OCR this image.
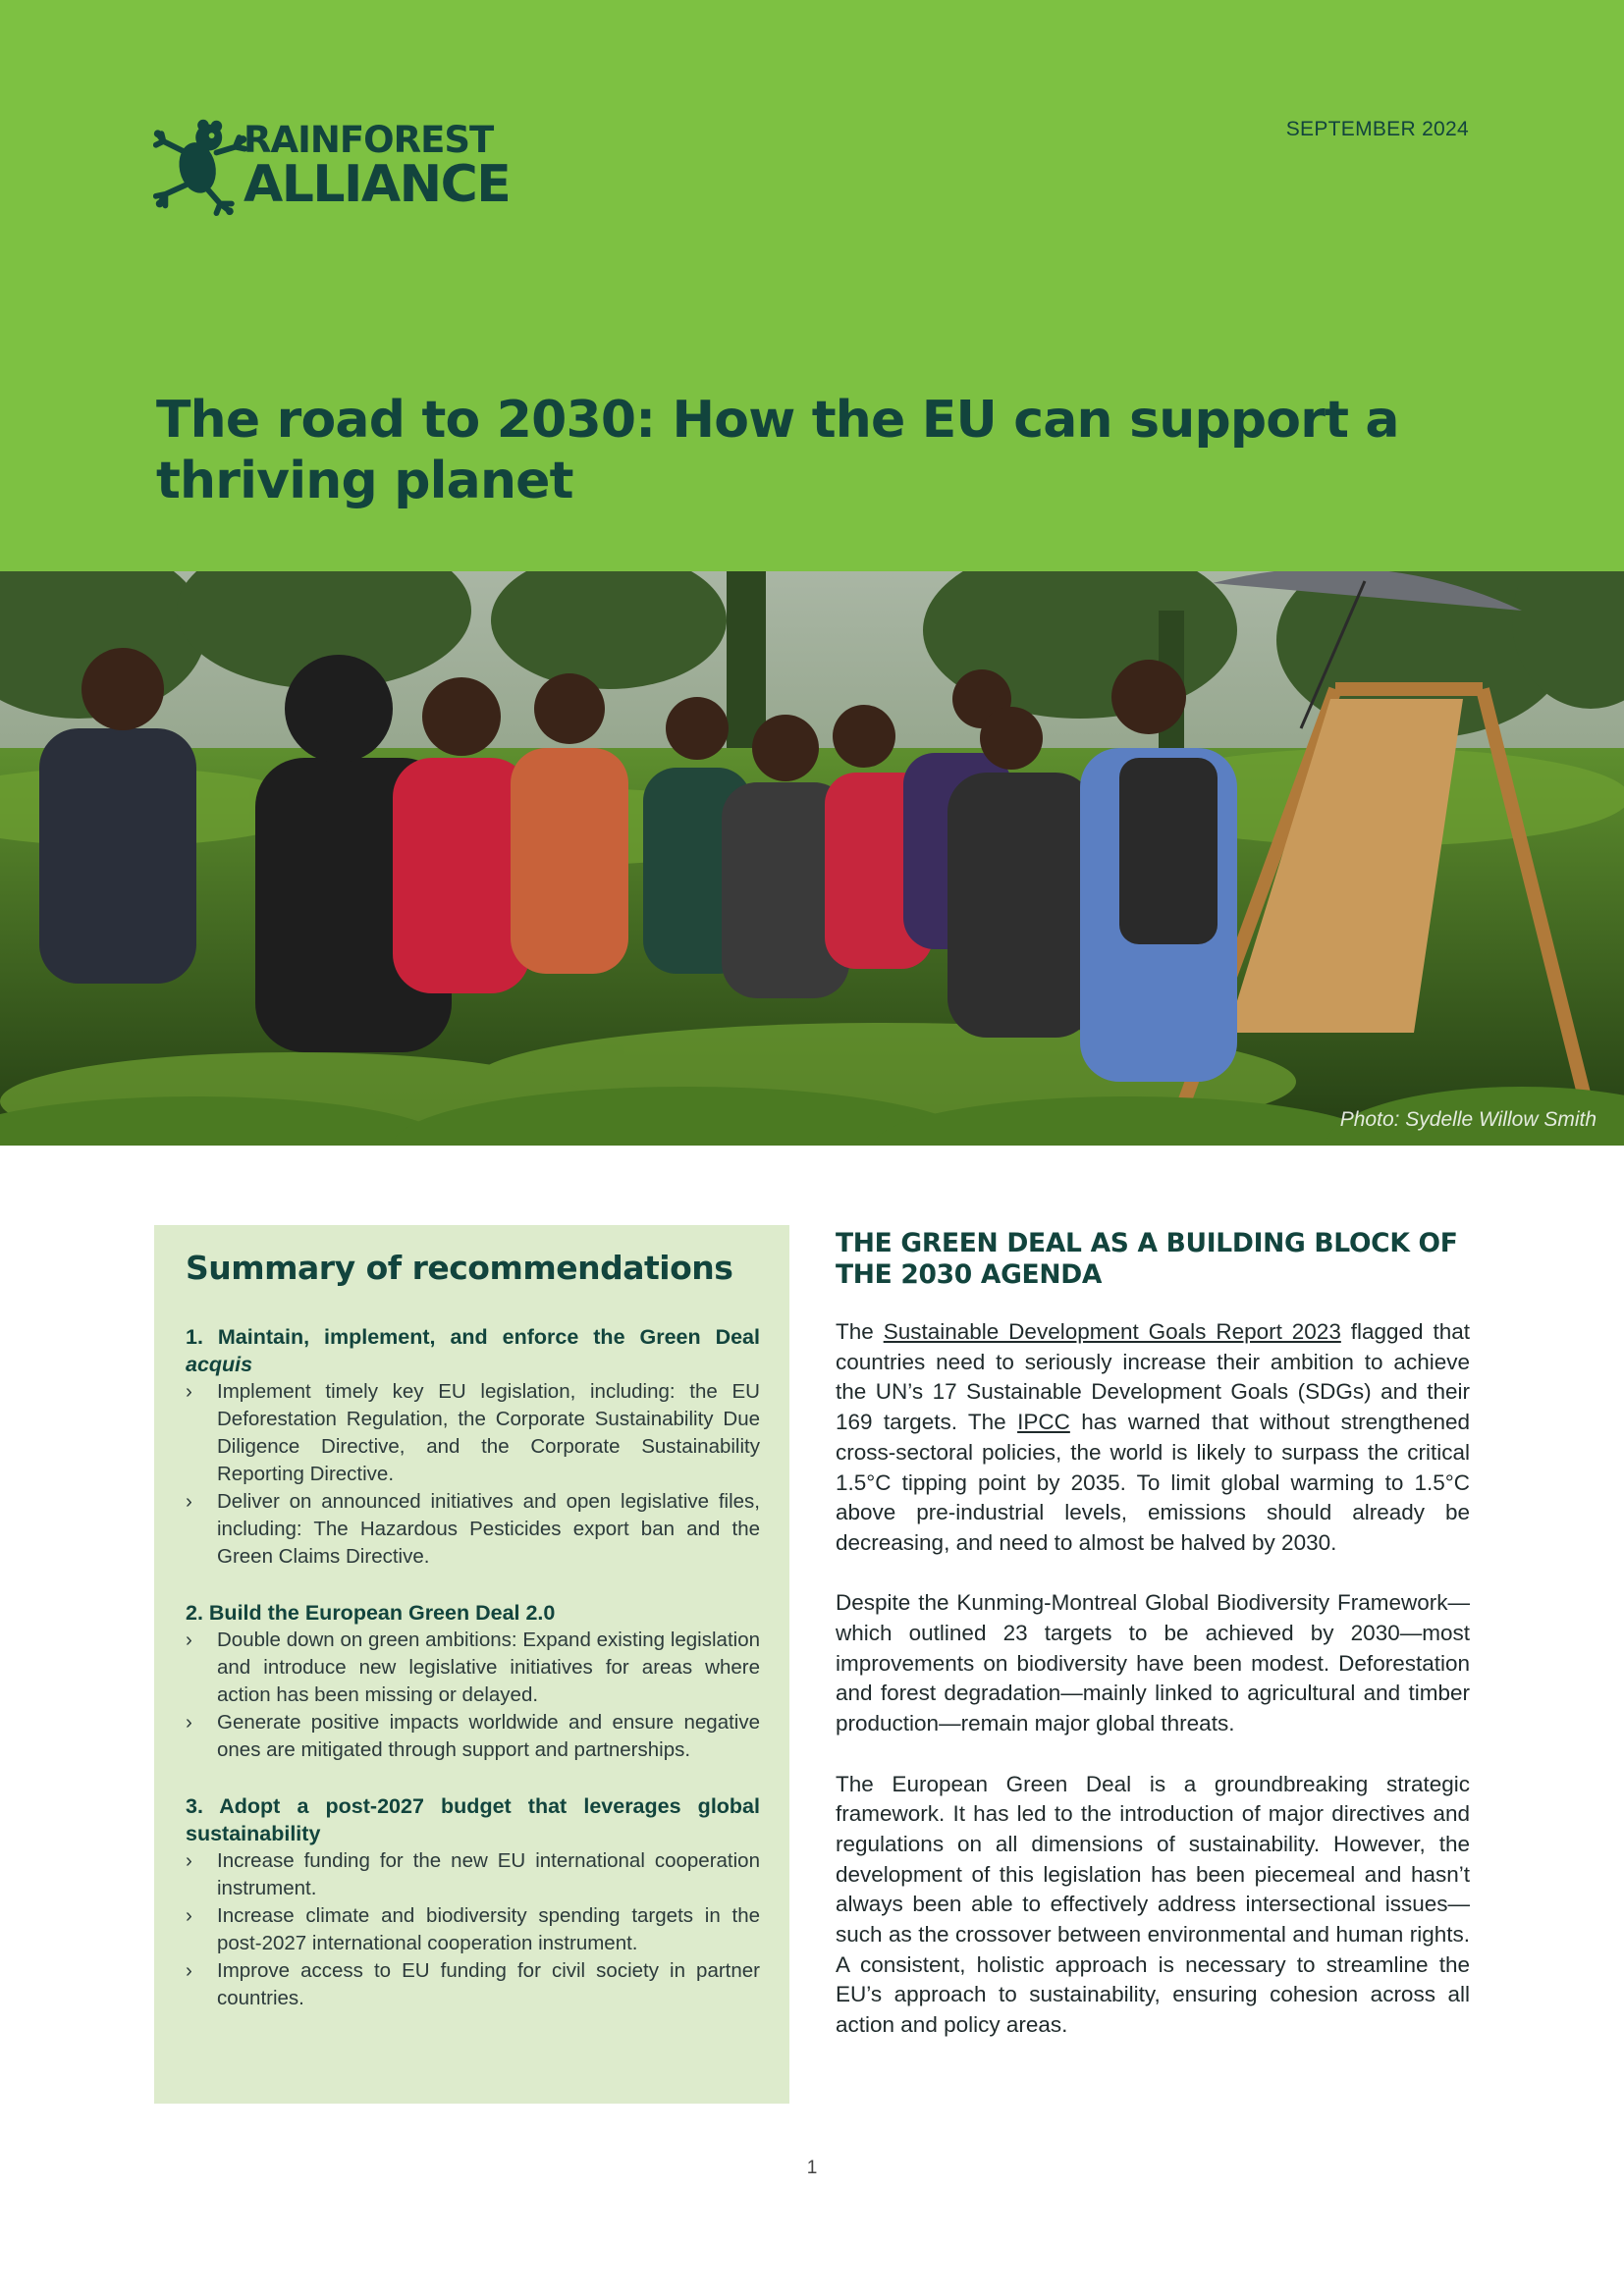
RAINFOREST
ALLIANCE
SEPTEMBER 2024
The road to 2030: How the EU can support a thriving planet
Photo: Sydelle Willow Smith
Summary of recommendations
1. Maintain, implement, and enforce the Green Deal acquis
› Implement timely key EU legislation, including: the EU Deforestation Regulation, the Corporate Sustainability Due Diligence Directive, and the Corporate Sustainability Reporting Directive.
› Deliver on announced initiatives and open legislative files, including: The Hazardous Pesticides export ban and the Green Claims Directive.
2. Build the European Green Deal 2.0
› Double down on green ambitions: Expand existing legislation and introduce new legislative initiatives for areas where action has been missing or delayed.
› Generate positive impacts worldwide and ensure negative ones are mitigated through support and partnerships.
3. Adopt a post-2027 budget that leverages global sustainability
› Increase funding for the new EU international cooperation instrument.
› Increase climate and biodiversity spending targets in the post-2027 international cooperation instrument.
› Improve access to EU funding for civil society in partner countries.
THE GREEN DEAL AS A BUILDING BLOCK OF THE 2030 AGENDA

The Sustainable Development Goals Report 2023 flagged that countries need to seriously increase their ambition to achieve the UN’s 17 Sustainable Development Goals (SDGs) and their 169 targets. The IPCC has warned that without strengthened cross-sectoral policies, the world is likely to surpass the critical 1.5°C tipping point by 2035. To limit global warming to 1.5°C above pre-industrial levels, emissions should already be decreasing, and need to almost be halved by 2030.

Despite the Kunming-Montreal Global Biodiversity Framework—which outlined 23 targets to be achieved by 2030—most improvements on biodiversity have been modest. Deforestation and forest degradation—mainly linked to agricultural and timber production—remain major global threats.

The European Green Deal is a groundbreaking strategic framework. It has led to the introduction of major directives and regulations on all dimensions of sustainability. However, the development of this legislation has been piecemeal and hasn’t always been able to effectively address intersectional issues—such as the crossover between environmental and human rights. A consistent, holistic approach is necessary to streamline the EU’s approach to sustainability, ensuring cohesion across all action and policy areas.

1
